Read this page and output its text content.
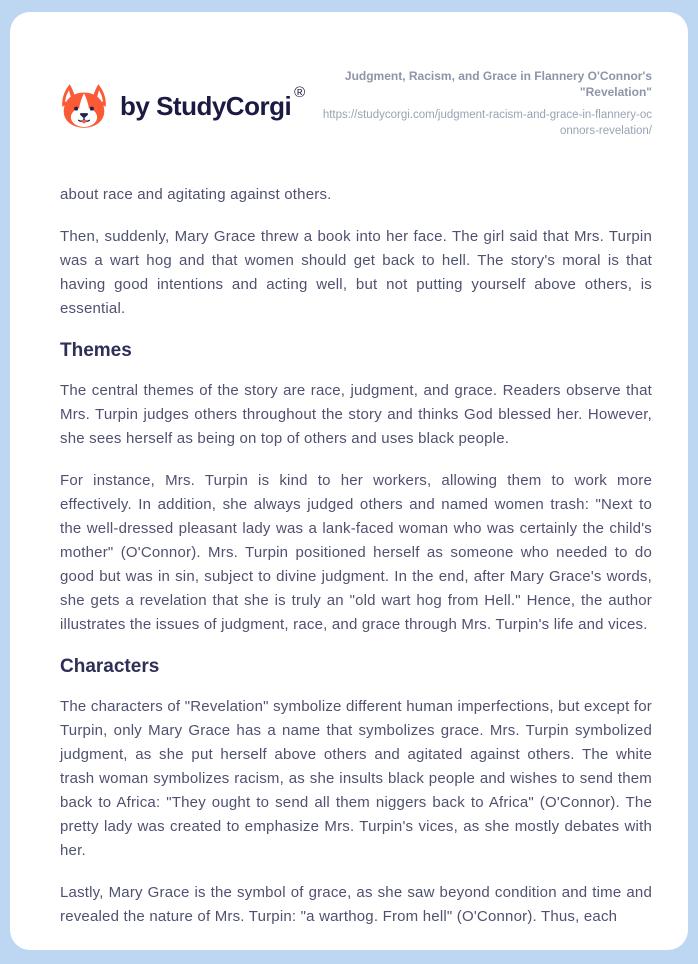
by StudyCorgi ®

Judgment, Racism, and Grace in Flannery O'Connor's "Revelation"

https://studycorgi.com/judgment-racism-and-grace-in-flannery-oconnors-revelation/

about race and agitating against others.

Then, suddenly, Mary Grace threw a book into her face. The girl said that Mrs. Turpin was a wart hog and that women should get back to hell. The story's moral is that having good intentions and acting well, but not putting yourself above others, is essential.

Themes

The central themes of the story are race, judgment, and grace. Readers observe that Mrs. Turpin judges others throughout the story and thinks God blessed her. However, she sees herself as being on top of others and uses black people.

For instance, Mrs. Turpin is kind to her workers, allowing them to work more effectively. In addition, she always judged others and named women trash: "Next to the well-dressed pleasant lady was a lank-faced woman who was certainly the child's mother" (O'Connor). Mrs. Turpin positioned herself as someone who needed to do good but was in sin, subject to divine judgment. In the end, after Mary Grace's words, she gets a revelation that she is truly an "old wart hog from Hell." Hence, the author illustrates the issues of judgment, race, and grace through Mrs. Turpin's life and vices.

Characters

The characters of "Revelation" symbolize different human imperfections, but except for Turpin, only Mary Grace has a name that symbolizes grace. Mrs. Turpin symbolized judgment, as she put herself above others and agitated against others. The white trash woman symbolizes racism, as she insults black people and wishes to send them back to Africa: "They ought to send all them niggers back to Africa" (O'Connor). The pretty lady was created to emphasize Mrs. Turpin's vices, as she mostly debates with her.

Lastly, Mary Grace is the symbol of grace, as she saw beyond condition and time and revealed the nature of Mrs. Turpin: "a warthog. From hell" (O'Connor). Thus, each
